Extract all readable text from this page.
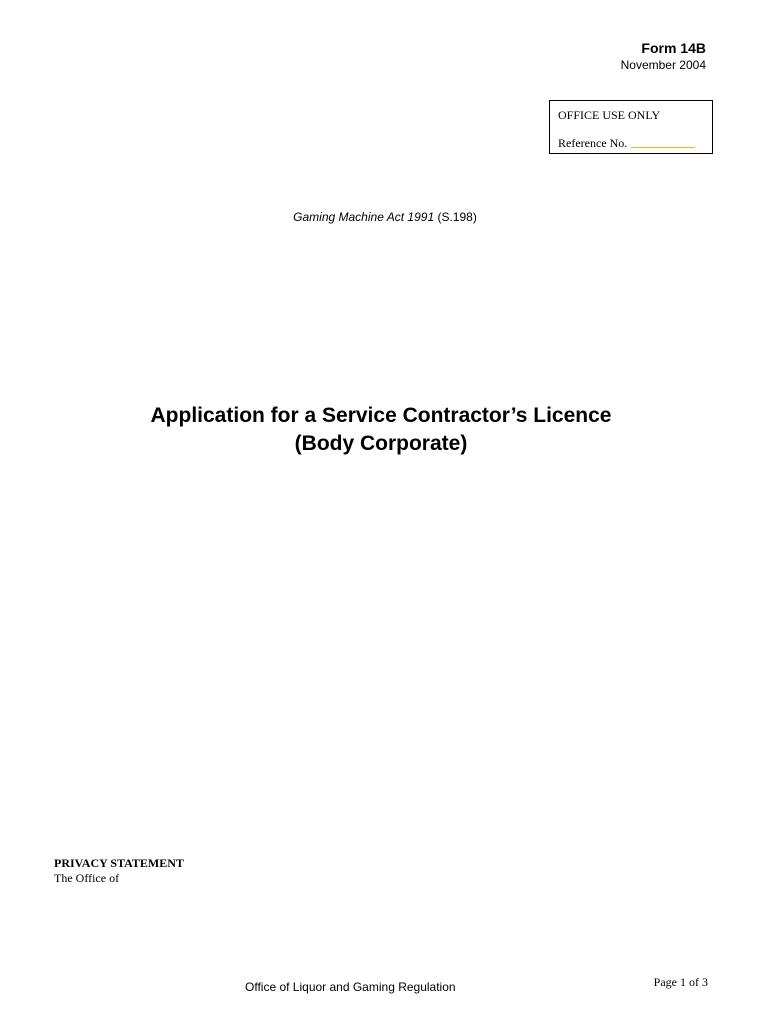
Form 14B
November 2004
OFFICE USE ONLY
Reference No.
Gaming Machine Act 1991 (S.198)
Application for a Service Contractor’s Licence
(Body Corporate)
PRIVACY STATEMENT
The Office of
Office of Liquor and Gaming Regulation	Page 1 of 3
